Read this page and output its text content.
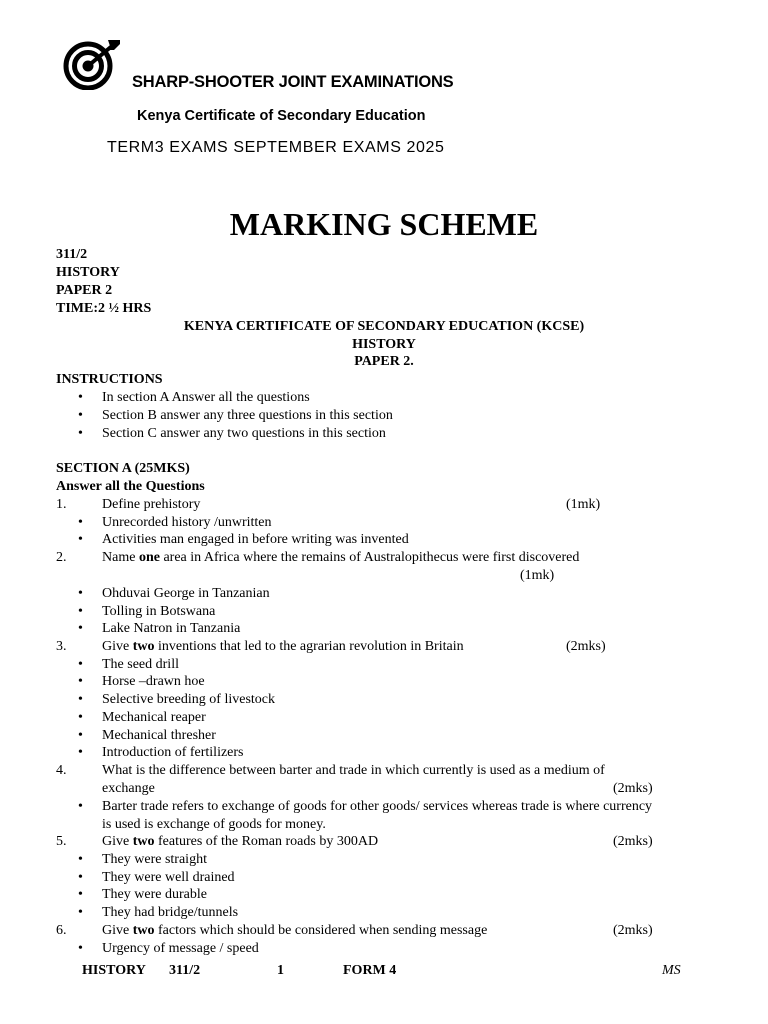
SHARP-SHOOTER JOINT EXAMINATIONS
Kenya Certificate of Secondary Education
TERM3 EXAMS SEPTEMBER EXAMS 2025
MARKING SCHEME
311/2
HISTORY
PAPER 2
TIME:2 ½ HRS
KENYA CERTIFICATE OF SECONDARY EDUCATION (KCSE)
HISTORY
PAPER 2.
INSTRUCTIONS
• In section A Answer all the questions
• Section B answer any three questions in this section
• Section C answer any two questions in this section
SECTION A (25MKS)
Answer all the Questions
1.	Define prehistory	(1mk)
• Unrecorded history /unwritten
• Activities man engaged in before writing was invented
2.	Name one area in Africa where the remains of Australopithecus were first discovered
(1mk)
• Ohduvai George in Tanzanian
• Tolling in Botswana
• Lake Natron in Tanzania
3.	Give two inventions that led to the agrarian revolution in Britain	(2mks)
• The seed drill
• Horse –drawn hoe
• Selective breeding of livestock
• Mechanical reaper
• Mechanical thresher
• Introduction of fertilizers
4.	What is the difference between barter and trade in which currently is used as a medium of
exchange	(2mks)
• Barter trade refers to exchange of goods for other goods/ services whereas trade is where currency
is used is exchange of goods for money.
5.	Give two features of the Roman roads by 300AD	(2mks)
• They were straight
• They were well drained
• They were durable
• They had bridge/tunnels
6.	Give two factors which should be considered when sending message	(2mks)
• Urgency of message / speed
HISTORY 311/2	1	FORM 4	MS
